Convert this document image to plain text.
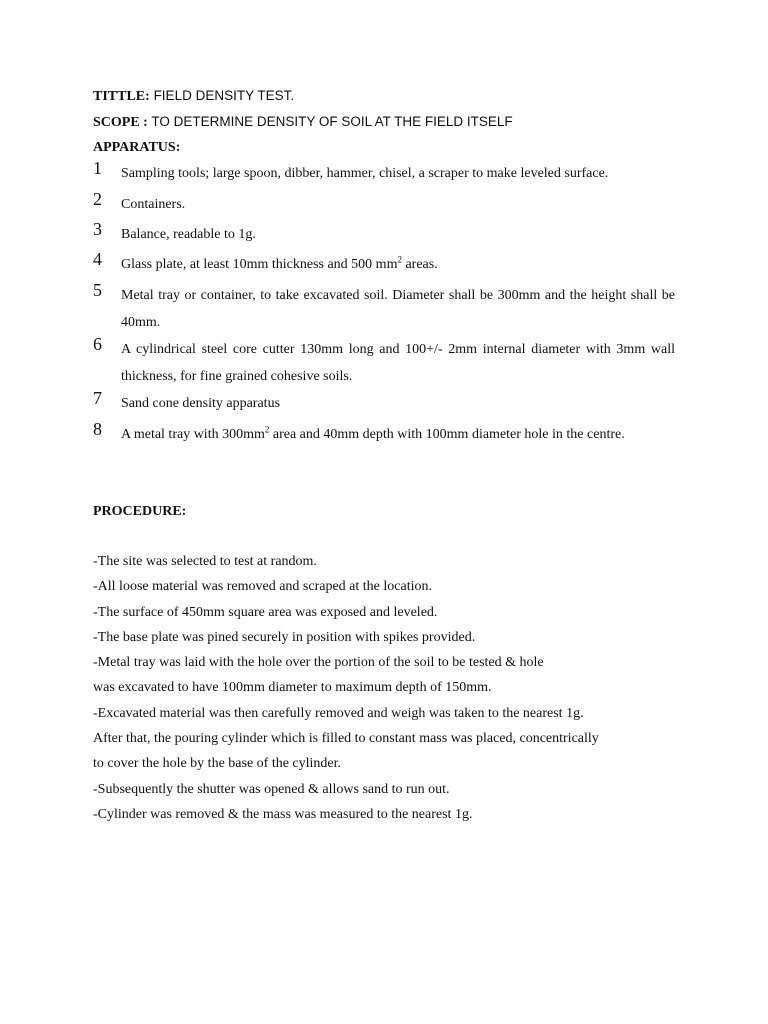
TITTLE: FIELD DENSITY TEST.
SCOPE : TO DETERMINE DENSITY OF SOIL AT THE FIELD ITSELF
APPARATUS:
1 Sampling tools; large spoon, dibber, hammer, chisel, a scraper to make leveled surface.
2 Containers.
3 Balance, readable to 1g.
4 Glass plate, at least 10mm thickness and 500 $mm^2$ areas.
5 Metal tray or container, to take excavated soil. Diameter shall be 300mm and the height shall be 40mm.
6 A cylindrical steel core cutter 130mm long and 100+/- 2mm internal diameter with 3mm wall thickness, for fine grained cohesive soils.
7 Sand cone density apparatus
8 A metal tray with $300mm^2$ area and 40mm depth with 100mm diameter hole in the centre.
PROCEDURE:
-The site was selected to test at random.
-All loose material was removed and scraped at the location.
-The surface of 450mm square area was exposed and leveled.
-The base plate was pined securely in position with spikes provided.
-Metal tray was laid with the hole over the portion of the soil to be tested & hole
was excavated to have 100mm diameter to maximum depth of 150mm.
-Excavated material was then carefully removed and weigh was taken to the nearest 1g.
After that, the pouring cylinder which is filled to constant mass was placed, concentrically
to cover the hole by the base of the cylinder.
-Subsequently the shutter was opened & allows sand to run out.
-Cylinder was removed & the mass was measured to the nearest 1g.
